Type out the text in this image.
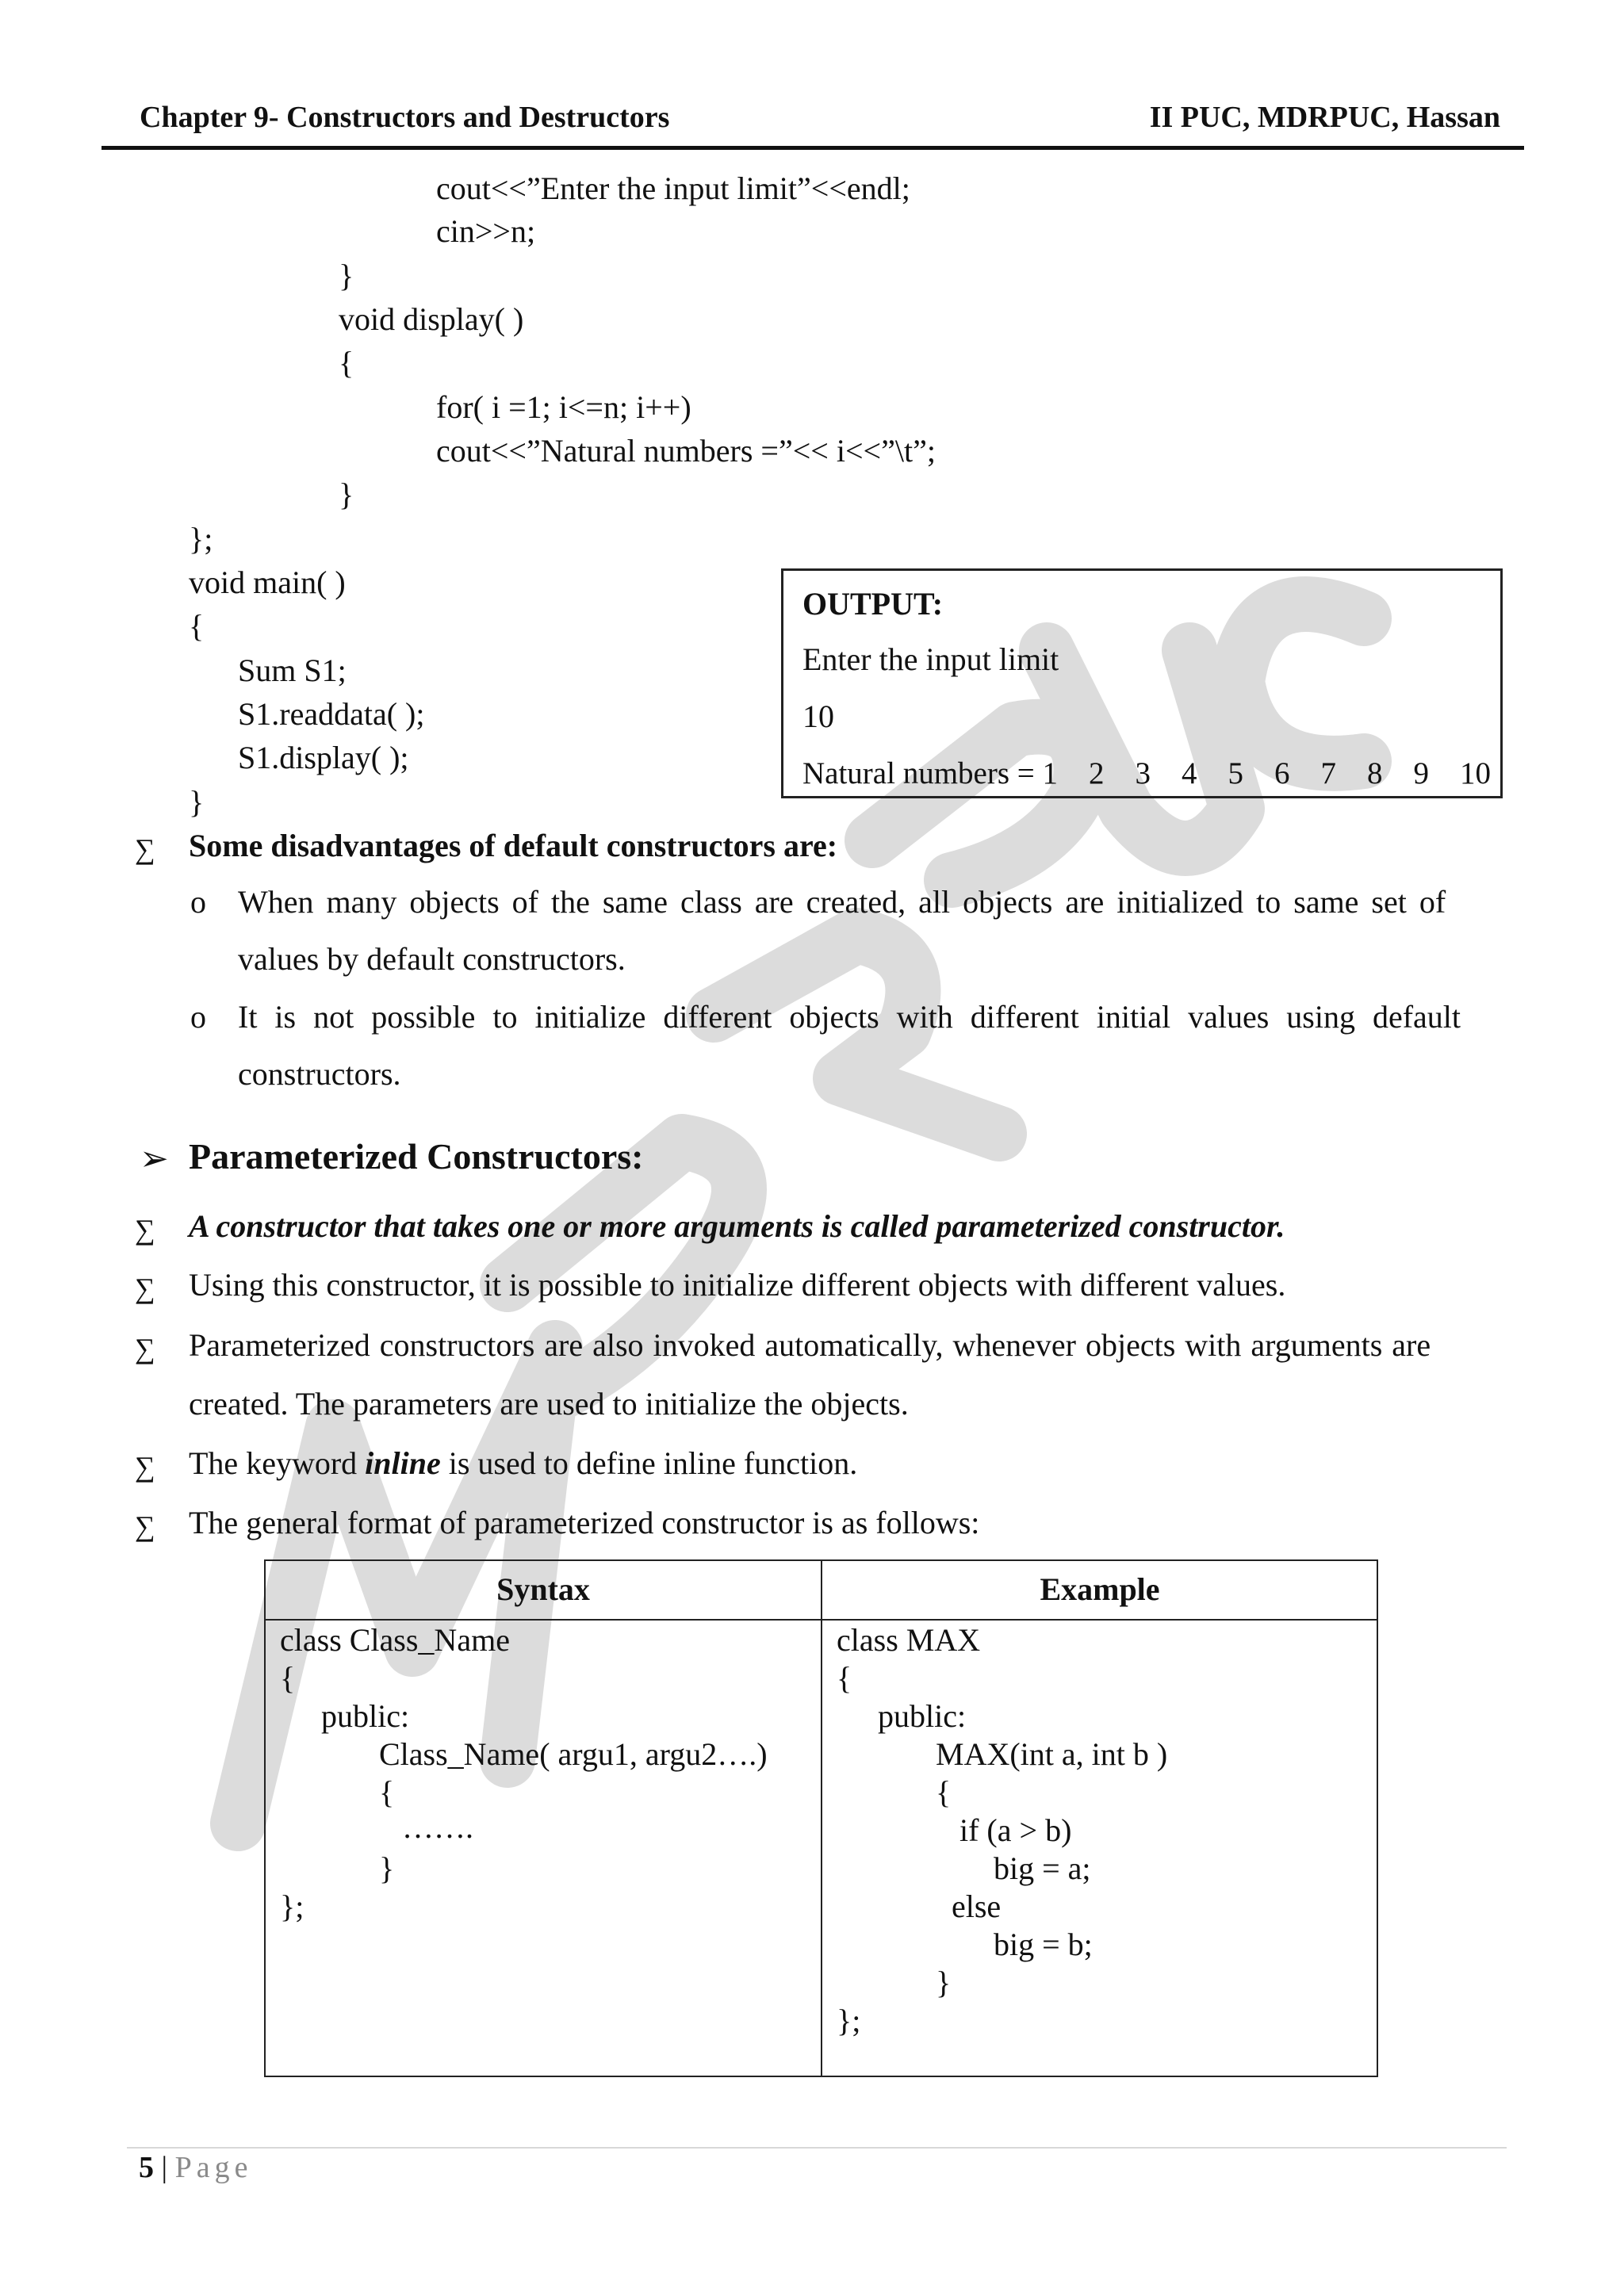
Chapter 9- Constructors and Destructors	II PUC, MDRPUC, Hassan
cout<<”Enter the input limit”<<endl;
cin>>n;
}
void display( )
{
for( i =1; i<=n; i++)
cout<<”Natural numbers =”<< i<<”\t”;
}
};
void main( )
{
Sum S1;
S1.readdata( );
S1.display( );
}
OUTPUT:
Enter the input limit
10
Natural numbers = 1    2    3    4    5    6    7    8    9    10
∑ Some disadvantages of default constructors are:
o When many objects of the same class are created, all objects are initialized to same set of
values by default constructors.
o It is not possible to initialize different objects with different initial values using default
constructors.
➢ Parameterized Constructors:
∑ A constructor that takes one or more arguments is called parameterized constructor.
∑ Using this constructor, it is possible to initialize different objects with different values.
∑ Parameterized constructors are also invoked automatically, whenever objects with arguments are
created. The parameters are used to initialize the objects.
∑ The keyword inline is used to define inline function.
∑ The general format of parameterized constructor is as follows:
Syntax	Example
class Class_Name
{
public:
Class_Name( argu1, argu2….)
{
…….
}
};
class MAX
{
public:
MAX(int a, int b )
{
if (a > b)
big = a;
else
big = b;
}
};
5 | Page
